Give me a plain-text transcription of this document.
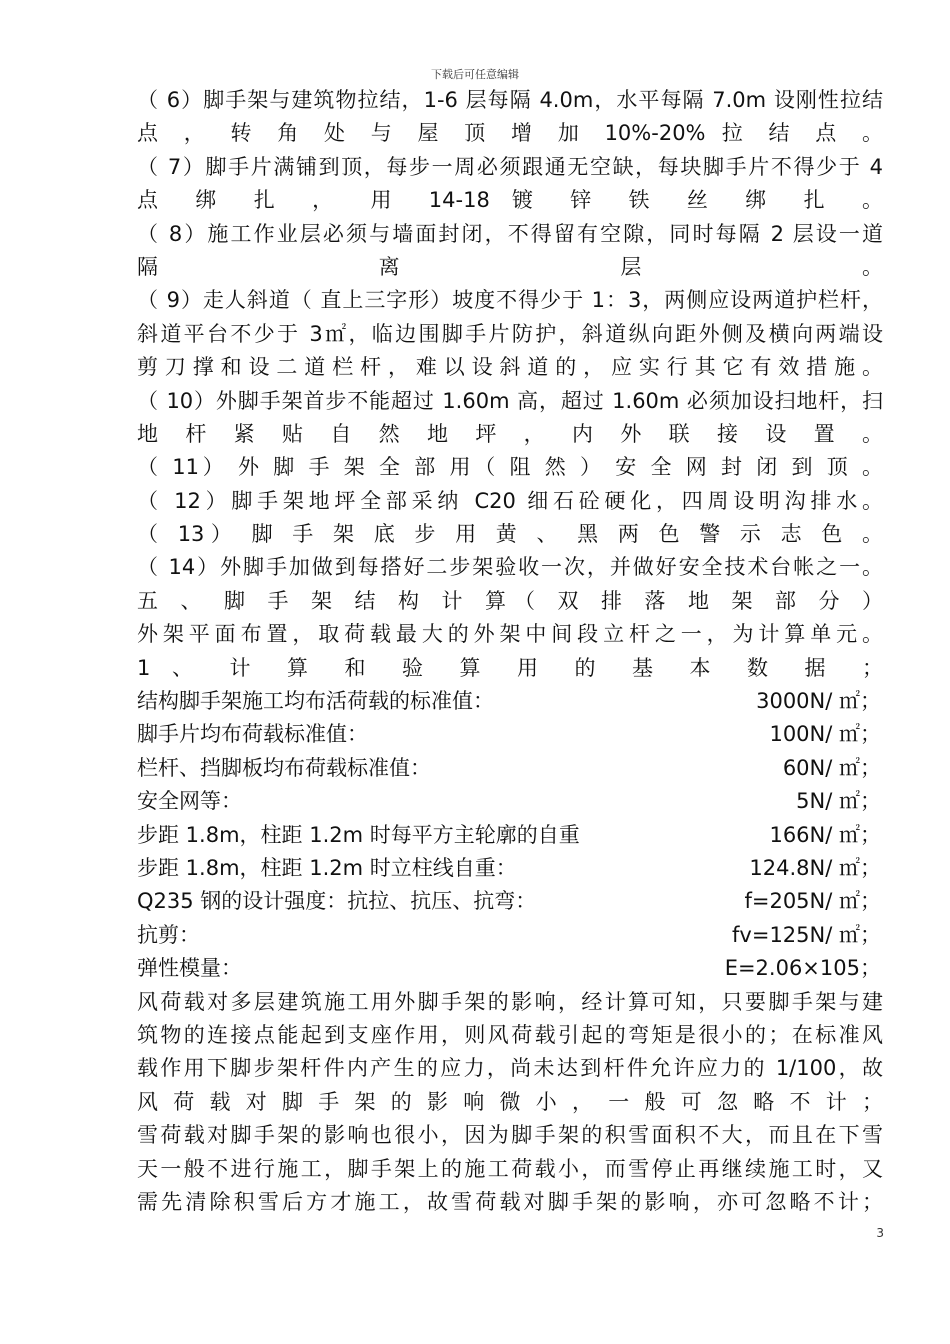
下载后可任意编辑
（ 6）脚手架与建筑物拉结，1-6 层每隔 4.0m，水平每隔 7.0m 设刚性拉结
点 ， 转 角 处 与 屋 顶 增 加 10%-20% 拉 结 点 。
（ 7）脚手片满铺到顶，每步一周必须跟通无空缺，每块脚手片不得少于 4
点 绑 扎 ， 用 14-18 镀 锌 铁 丝 绑 扎 。
（ 8）施工作业层必须与墙面封闭，不得留有空隙，同时每隔 2 层设一道
隔 离 层 。
（ 9）走人斜道（ 直上三字形）坡度不得少于 1：3，两侧应设两道护栏杆，
斜道平台不少于 3㎡，临边围脚手片防护，斜道纵向距外侧及横向两端设
剪刀撑和设二道栏杆，难以设斜道的，应实行其它有效措施。
（ 10）外脚手架首步不能超过 1.60m 高，超过 1.60m 必须加设扫地杆，扫
地 杆 紧 贴 自 然 地 坪 ， 内 外 联 接 设 置 。
（ 11） 外 脚 手 架 全 部 用（ 阻 然 ） 安 全 网 封 闭 到 顶 。
（ 12）脚手架地坪全部采纳 C20 细石砼硬化，四周设明沟排水。
（ 13） 脚 手 架 底 步 用 黄 、 黑 两 色 警 示 志 色 。
（ 14）外脚手加做到每搭好二步架验收一次，并做好安全技术台帐之一。
五 、 脚 手 架 结 构 计 算（ 双 排 落 地 架 部 分 ）
外架平面布置，取荷载最大的外架中间段立杆之一，为计算单元。
1 、 计 算 和 验 算 用 的 基 本 数 据 ；
结构脚手架施工均布活荷载的标准值：	3000N/ ㎡；
脚手片均布荷载标准值：	100N/ ㎡；
栏杆、挡脚板均布荷载标准值：	60N/ ㎡；
安全网等：	5N/ ㎡；
步距 1.8m，柱距 1.2m 时每平方主轮廓的自重	166N/ ㎡；
步距 1.8m，柱距 1.2m 时立柱线自重：	124.8N/ ㎡；
Q235 钢的设计强度：抗拉、抗压、抗弯：	f=205N/ ㎡；
抗剪：	fv=125N/ ㎡；
弹性模量：	E=2.06×105；
风荷载对多层建筑施工用外脚手架的影响，经计算可知，只要脚手架与建
筑物的连接点能起到支座作用，则风荷载引起的弯矩是很小的；在标准风
载作用下脚步架杆件内产生的应力，尚未达到杆件允许应力的 1/100，故
风 荷 载 对 脚 手 架 的 影 响 微 小 ， 一 般 可 忽 略 不 计 ；
雪荷载对脚手架的影响也很小，因为脚手架的积雪面积不大，而且在下雪
天一般不进行施工，脚手架上的施工荷载小，而雪停止再继续施工时，又
需先清除积雪后方才施工，故雪荷载对脚手架的影响，亦可忽略不计；
3
